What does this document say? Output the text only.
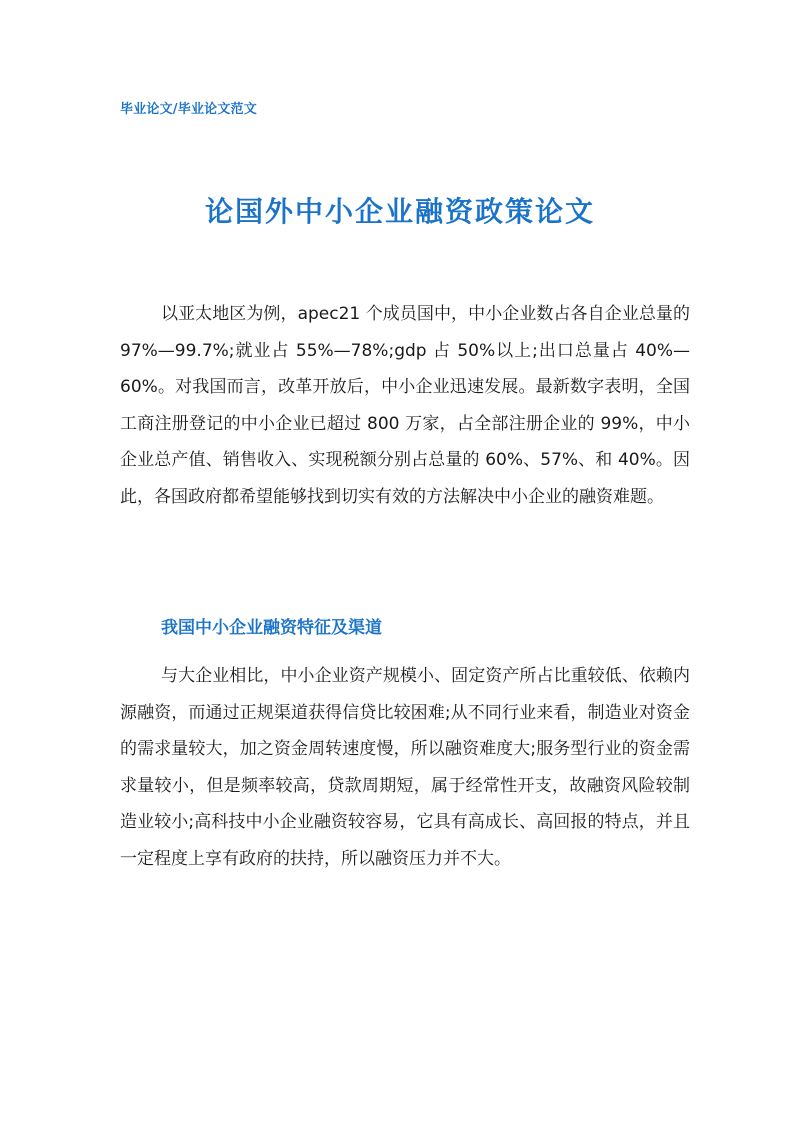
毕业论文/毕业论文范文
论国外中小企业融资政策论文

以亚太地区为例，apec21 个成员国中，中小企业数占各自企业总量的 97%—99.7%;就业占 55%—78%;gdp 占 50%以上;出口总量占 40%—60%。对我国而言，改革开放后，中小企业迅速发展。最新数字表明，全国工商注册登记的中小企业已超过 800 万家，占全部注册企业的 99%，中小企业总产值、销售收入、实现税额分别占总量的 60%、57%、和 40%。因此，各国政府都希望能够找到切实有效的方法解决中小企业的融资难题。

我国中小企业融资特征及渠道

与大企业相比，中小企业资产规模小、固定资产所占比重较低、依赖内源融资，而通过正规渠道获得信贷比较困难;从不同行业来看，制造业对资金的需求量较大，加之资金周转速度慢，所以融资难度大;服务型行业的资金需求量较小，但是频率较高，贷款周期短，属于经常性开支，故融资风险较制造业较小;高科技中小企业融资较容易，它具有高成长、高回报的特点，并且一定程度上享有政府的扶持，所以融资压力并不大。
